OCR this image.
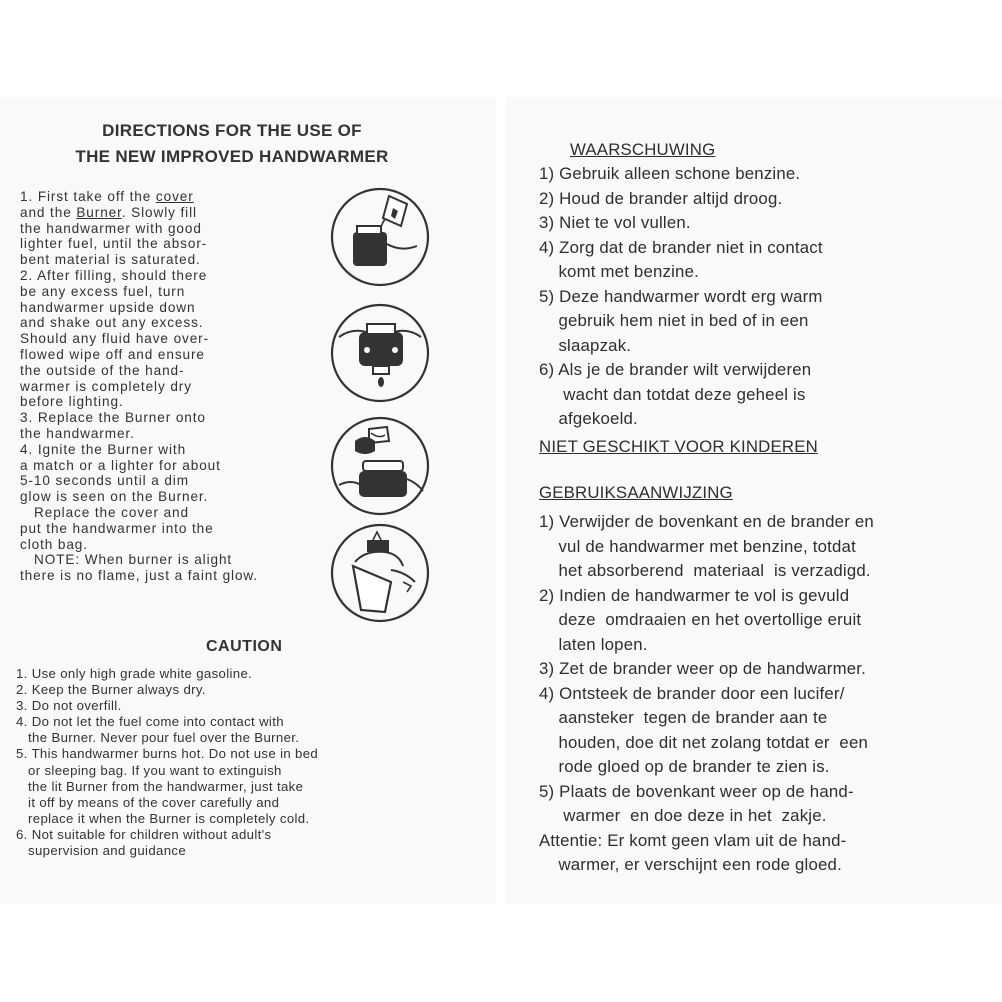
DIRECTIONS FOR THE USE OF
THE NEW IMPROVED HANDWARMER
1. First take off the cover
and the Burner. Slowly fill
the handwarmer with good
lighter fuel, until the absor-
bent material is saturated.
2. After filling, should there
be any excess fuel, turn
handwarmer upside down
and shake out any excess.
Should any fluid have over-
flowed wipe off and ensure
the outside of the hand-
warmer is completely dry
before lighting.
3. Replace the Burner onto
the handwarmer.
4. Ignite the Burner with
a match or a lighter for about
5-10 seconds until a dim
glow is seen on the Burner.
Replace the cover and
put the handwarmer into the
cloth bag.
NOTE: When burner is alight
there is no flame, just a faint glow.
CAUTION
1. Use only high grade white gasoline.
2. Keep the Burner always dry.
3. Do not overfill.
4. Do not let the fuel come into contact with
the Burner. Never pour fuel over the Burner.
5. This handwarmer burns hot. Do not use in bed
or sleeping bag. If you want to extinguish
the lit Burner from the handwarmer, just take
it off by means of the cover carefully and
replace it when the Burner is completely cold.
6. Not suitable for children without adult's
supervision and guidance
WAARSCHUWING
1) Gebruik alleen schone benzine.
2) Houd de brander altijd droog.
3) Niet te vol vullen.
4) Zorg dat de brander niet in contact
komt met benzine.
5) Deze handwarmer wordt erg warm
gebruik hem niet in bed of in een
slaapzak.
6) Als je de brander wilt verwijderen
wacht dan totdat deze geheel is
afgekoeld.
NIET GESCHIKT VOOR KINDEREN
GEBRUIKSAANWIJZING
1) Verwijder de bovenkant en de brander en
vul de handwarmer met benzine, totdat
het absorberend  materiaal  is verzadigd.
2) Indien de handwarmer te vol is gevuld
deze  omdraaien en het overtollige eruit
laten lopen.
3) Zet de brander weer op de handwarmer.
4) Ontsteek de brander door een lucifer/
aansteker  tegen de brander aan te
houden, doe dit net zolang totdat er  een
rode gloed op de brander te zien is.
5) Plaats de bovenkant weer op de hand-
warmer  en doe deze in het  zakje.
Attentie: Er komt geen vlam uit de hand-
warmer, er verschijnt een rode gloed.
